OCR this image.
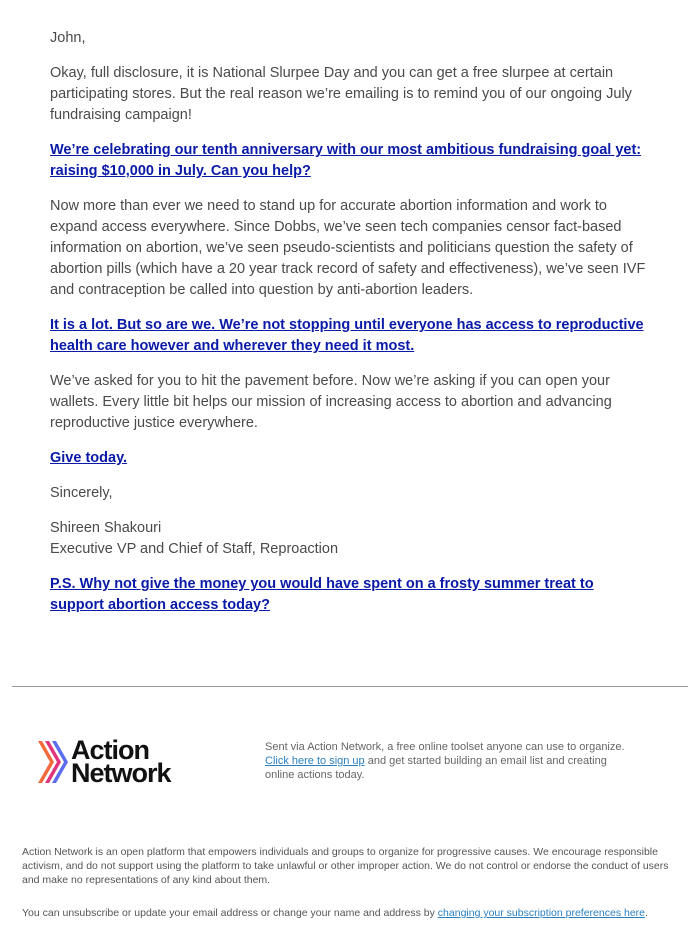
John,

Okay, full disclosure, it is National Slurpee Day and you can get a free slurpee at certain participating stores. But the real reason we’re emailing is to remind you of our ongoing July fundraising campaign!

We’re celebrating our tenth anniversary with our most ambitious fundraising goal yet: raising $10,000 in July. Can you help?

Now more than ever we need to stand up for accurate abortion information and work to expand access everywhere. Since Dobbs, we’ve seen tech companies censor fact-based information on abortion, we’ve seen pseudo-scientists and politicians question the safety of abortion pills (which have a 20 year track record of safety and effectiveness), we’ve seen IVF and contraception be called into question by anti-abortion leaders.

It is a lot. But so are we. We’re not stopping until everyone has access to reproductive health care however and wherever they need it most.

We’ve asked for you to hit the pavement before. Now we’re asking if you can open your wallets. Every little bit helps our mission of increasing access to abortion and advancing reproductive justice everywhere.

Give today.

Sincerely,

Shireen Shakouri
Executive VP and Chief of Staff, Reproaction

P.S. Why not give the money you would have spent on a frosty summer treat to support abortion access today?

Action
Network
Sent via Action Network, a free online toolset anyone can use to organize.
Click here to sign up and get started building an email list and creating online actions today.
Action Network is an open platform that empowers individuals and groups to organize for progressive causes. We encourage responsible activism, and do not support using the platform to take unlawful or other improper action. We do not control or endorse the conduct of users and make no representations of any kind about them.
You can unsubscribe or update your email address or change your name and address by changing your subscription preferences here.
